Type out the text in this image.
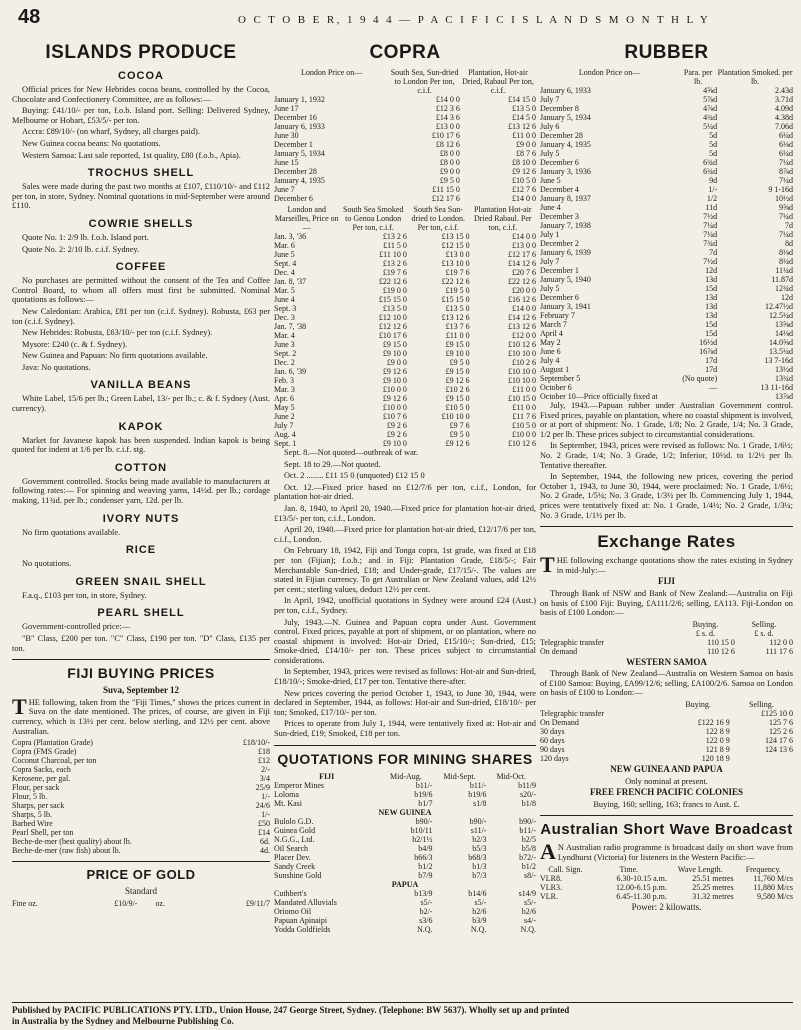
48	O C T O B E R, 1 9 4 4 — P A C I F I C I S L A N D S M O N T H L Y
ISLANDS PRODUCE
COCOA

Official prices for New Hebrides cocoa beans, controlled by the Cocoa, Chocolate and Confectionery Committee, are as follows:—

Buying: £41/10/- per ton, f.o.b. Island port. Selling: Delivered Sydney, Melbourne or Hobart, £53/5/- per ton.

Accra: £89/10/- (on wharf, Sydney, all charges paid).

New Guinea cocoa beans: No quotations.

Western Samoa: Last sale reported, 1st quality, £80 (f.o.b., Apia).

TROCHUS SHELL

Sales were made during the past two months at £107, £110/10/- and £112 per ton, in store, Sydney. Nominal quotations in mid-September were around £110.

COWRIE SHELLS

Quote No. 1: 2/9 lb. f.o.b. Island port.

Quote No. 2: 2/10 lb. c.i.f. Sydney.

COFFEE

No purchases are permitted without the consent of the Tea and Coffee Control Board, to whom all offers must first be submitted. Nominal quotations as follows:—

New Caledonian: Arabica, £81 per ton (c.i.f. Sydney). Robusta, £63 per ton (c.i.f. Sydney).

New Hebrides: Robusta, £63/10/- per ton (c.i.f. Sydney).

Mysore: £240 (c. & f. Sydney).

New Guinea and Papuan: No firm quotations available.

Java: No quotations.

VANILLA BEANS

White Label, 15/6 per lb.; Green Label, 13/- per lb.; c. & f. Sydney (Aust. currency).

KAPOK

Market for Javanese kapok has been suspended. Indian kapok is being quoted for indent at 1/6 per lb. c.i.f. stg.

COTTON

Government controlled. Stocks being made available to manufacturers at following rates:— For spinning and weaving yarns, 14½d. per lb.; cordage making, 11¾d. per lb.; condenser yarn, 12d. per lb.

IVORY NUTS

No firm quotations available.

RICE

No quotations.

GREEN SNAIL SHELL

F.a.q., £103 per ton, in store, Sydney.

PEARL SHELL

Government-controlled price:—

"B" Class, £200 per ton. "C" Class, £190 per ton. "D" Class, £135 per ton.

FIJI BUYING PRICES
Suva, September 12

THE following, taken from the "Fiji Times," shows the prices current in Suva on the date mentioned. The prices, of course, are given in Fiji currency, which is 13½ per cent. below sterling, and 12½ per cent. above Australian.

Copra (Plantation Grade)	£18/10/-
Copra (FMS Grade)	£18
Coconut Charcoal, per ton	£12
Copra Sacks, each	2/-
Kerosene, per gal.	3/4
Flour, per sack	25/9
Flour, 5 lb.	1/-
Sharps, per sack	24/6
Sharps, 5 lb.	1/-
Barbed Wire	£50
Pearl Shell, per ton	£14
Beche-de-mer (best quality) about lb.	6d.
Beche-de-mer (raw fish) about lb.	4d.
PRICE OF GOLD
Standard
Fine oz.	£10/9/-	oz.	£9/11/7
COPRA
London Price on—	South Sea, Sun-dried to London Per ton, c.i.f.	Plantation, Hot-air Dried, Rabaul Per ton, c.i.f.
January 1, 1932	£14 0 0	£14 15 0
June 17	£12 3 6	£13 5 0
December 16	£14 3 6	£14 5 0
January 6, 1933	£13 0 0	£13 12 6
June 30	£10 17 6	£11 0 0
December 1	£8 12 6	£9 0 0
January 5, 1934	£8 0 0	£8 7 6
June 15	£8 0 0	£8 10 0
December 28	£9 0 0	£9 12 6
January 4, 1935	£9 5 0	£10 5 0
June 7	£11 15 0	£12 7 6
December 6	£12 17 6	£14 0 0
London and Marseilles, Price on—	South Sea Smoked to Genoa London Per ton, c.i.f.	South Sea Sun-dried to London. Per ton, c.i.f.	Plantation Hot-air Dried Rabaul. Per ton, c.i.f.
Jan. 3, '36	£13 2 6	£13 15 0	£14 0 0
Mar. 6	£11 5 0	£12 15 0	£13 0 0
June 5	£11 10 0	£13 0 0	£12 17 6
Sept. 4	£13 2 6	£13 10 0	£14 12 6
Dec. 4	£19 7 6	£19 7 6	£20 7 6
Jan. 8, '37	£22 12 6	£22 12 6	£22 12 6
Mar. 5	£19 0 0	£19 5 0	£20 0 0
June 4	£15 15 0	£15 15 0	£16 12 6
Sept. 3	£13 5 0	£13 5 0	£14 0 0
Dec. 3	£12 10 0	£13 12 6	£14 12 6
Jan. 7, '38	£12 12 6	£13 7 6	£13 12 6
Mar. 4	£10 17 6	£11 0 0	£12 0 0
June 3	£9 15 0	£9 15 0	£10 12 6
Sept. 2	£9 10 0	£9 10 0	£10 10 0
Dec. 2	£9 0 0	£9 5 0	£10 2 6
Jan. 6, '39	£9 12 6	£9 15 0	£10 10 0
Feb. 3	£9 10 0	£9 12 6	£10 10 0
Mar. 3	£10 0 0	£10 2 6	£11 0 0
Apr. 6	£9 12 6	£9 15 0	£10 15 0
May 5	£10 0 0	£10 5 0	£11 0 0
June 2	£10 7 6	£10 10 0	£11 7 6
July 7	£9 2 6	£9 7 6	£10 5 0
Aug. 4	£9 2 6	£9 5 0	£10 0 0
Sept. 1	£9 10 0	£9 12 6	£10 12 6

Sept. 8.—Not quoted—outbreak of war.

Sept. 18 to 29.—Not quoted.

Oct. 2 ........ £11 15 0 (unquoted) £12 15 0

Oct. 12.—Fixed price based on £12/7/6 per ton, c.i.f., London, for plantation hot-air dried.

Jan. 8, 1940, to April 20, 1940.—Fixed price for plantation hot-air dried, £13/5/- per ton, c.i.f., London.

April 20, 1940.—Fixed price for plantation hot-air dried, £12/17/6 per ton, c.i.f., London.

On February 18, 1942, Fiji and Tonga copra, 1st grade, was fixed at £18 per ton (Fijian); f.o.b.; and in Fiji: Plantation Grade, £18/5/-; Fair Merchantable Sun-dried, £18; and Under-grade, £17/15/-. The values are stated in Fijian currency. To get Australian or New Zealand values, add 12½ per cent.; sterling values, deduct 12½ per cent.

In April, 1942, unofficial quotations in Sydney were around £24 (Aust.) per ton, c.i.f., Sydney.

July, 1943.—N. Guinea and Papuan copra under Aust. Government control. Fixed prices, payable at port of shipment, or on plantation, where no coastal shipment is involved: Hot-air Dried, £15/10/-; Sun-dried, £15; Smoke-dried, £14/10/- per ton. These prices subject to circumstantial considerations.

In September, 1943, prices were revised as follows: Hot-air and Sun-dried, £18/10/-; Smoke-dried, £17 per ton. Tentative there-after.

New prices covering the period October 1, 1943, to June 30, 1944, were declared in September, 1944, as follows: Hot-air and Sun-dried, £18/10/- per ton; Smoked, £17/10/- per ton.

Prices to operate from July 1, 1944, were tentatively fixed at: Hot-air and Sun-dried, £19; Smoked, £18 per ton.

QUOTATIONS FOR MINING SHARES
FIJI	Mid-Aug.	Mid-Sept.	Mid-Oct.
Emperor Mines	b11/-	b11/-	b11/9
Loloma	b19/6	b19/6	s20/-
Mt. Kasi	b1/7	s1/8	b1/8
NEW GUINEA			
Bulolo G.D.	b90/-	b90/-	b90/-
Guinea Gold	b10/11	s11/-	b11/-
N.G.G., Ltd.	b2/1½	b2/3	b2/5
Oil Search	b4/9	b5/3	b5/8
Placer Dev.	b66/3	b68/3	b72/-
Sandy Creek	b1/2	b1/3	b1/2
Sunshine Gold	b7/9	b7/3	s8/-
PAPUA			
Cuthbert's	b13/9	b14/6	s14/9
Mandated Alluvials	s5/-	s5/-	s5/-
Oriomo Oil	b2/-	b2/6	b2/6
Papuan Apinaipi	s3/6	b3/9	s4/-
Yodda Goldfields	N.Q.	N.Q.	N.Q.
RUBBER
London Price on—	Para. per lb.	Plantation Smoked. per lb.
January 6, 1933	4⅝d	2.43d
July 7	5⅞d	3.71d
December 8	4⅞d	4.09d
January 5, 1934	4¾d	4.38d
July 6	5¼d	7.06d
December 28	5d	6¼d
January 4, 1935	5d	6⅛d
July 5	5d	6¼d
December 6	6¾d	7¼d
January 3, 1936	6¾d	8⅞d
June 5	9d	7¼d
December 4	1/-	9 1-16d
January 8, 1937	1/2	10½d
June 4	11d	9⅝d
December 3	7½d	7¼d
January 7, 1938	7¼d	7d
July 1	7¼d	7¼d
December 2	7¾d	8d
January 6, 1939	7d	8⅛d
July 7	7½d	8¼d
December 1	12d	11¼d
January 5, 1940	13d	11.87d
July 5	15d	12¾d
December 6	13d	12d
January 3, 1941	13d	12.47½d
February 7	13d	12.5¼d
March 7	15d	13⅝d
April 4	15d	14⅛d
May 2	16½d	14.0⅝d
June 6	16⅞d	13.5¼d
July 4	17d	13 7-16d
August 1	17d	13½d
September 5	(No quote)	13¾d
October 6	—	13 11-16d
October 10—Price officially fixed at		13⅞d

July, 1943.—Papuan rubber under Australian Government control. Fixed prices, payable on plantation, where no coastal shipment is involved, or at port of shipment: No. 1 Grade, 1/8; No. 2 Grade, 1/4; No. 3 Grade, 1/2 per lb. These prices subject to circumstantial considerations.

In September, 1943, prices were revised as follows: No. 1 Grade, 1/6½; No. 2 Grade, 1/4; No. 3 Grade, 1/2; Inferior, 10½d. to 1/2½ per lb. Tentative thereafter.

In September, 1944, the following new prices, covering the period October 1, 1943, to June 30, 1944, were proclaimed: No. 1 Grade, 1/6½; No. 2 Grade, 1/5¼; No. 3 Grade, 1/3½ per lb. Commencing July 1, 1944, prices were tentatively fixed at: No. 1 Grade, 1/4½; No. 2 Grade, 1/3¼; No. 3 Grade, 1/1½ per lb.

Exchange Rates

THE following exchange quotations show the rates existing in Sydney in mid-July:—

FIJI

Through Bank of NSW and Bank of New Zealand:—Australia on Fiji on basis of £100 Fiji: Buying, £A111/2/6; selling, £A113. Fiji-London on basis of £100 London:—

	Buying.	Selling.
	£ s. d.	£ s. d.
Telegraphic transfer	110 15 0	112 0 0
On demand	110 12 6	111 17 6
WESTERN SAMOA

Through Bank of New Zealand—Australia on Western Samoa on basis of £100 Samoa: Buying, £A99/12/6; selling, £A100/2/6. Samoa on London on basis of £100 to London:—

	Buying.	Selling.
Telegraphic transfer		£125 10 0
On Demand	£122 16 9	125 7 6
30 days	122 8 9	125 2 6
60 days	122 0 9	124 17 6
90 days	121 8 9	124 13 6
120 days	120 18 9	
NEW GUINEA AND PAPUA

Only nominal at present.

FREE FRENCH PACIFIC COLONIES

Buying, 160; selling, 163; francs to Aust. £.

Australian Short Wave Broadcast

A N Australian radio programme is broadcast daily on short wave from Lyndhurst (Victoria) for listeners in the Western Pacific:—

Call. Sign.	Time.	Wave Length.	Frequency.
VLR8.	6.30-10.15 a.m.	25.51 metres	11,760 M/cs
VLR3.	12.00-6.15 p.m.	25.25 metres	11,880 M/cs
VLR.	6.45-11.30 p.m.	31.32 metres	9,580 M/cs
Power: 2 kilowatts.
Published by PACIFIC PUBLICATIONS PTY. LTD., Union House, 247 George Street, Sydney. (Telephone: BW 5637). Wholly set up and printed
in Australia by the Sydney and Melbourne Publishing Co.
